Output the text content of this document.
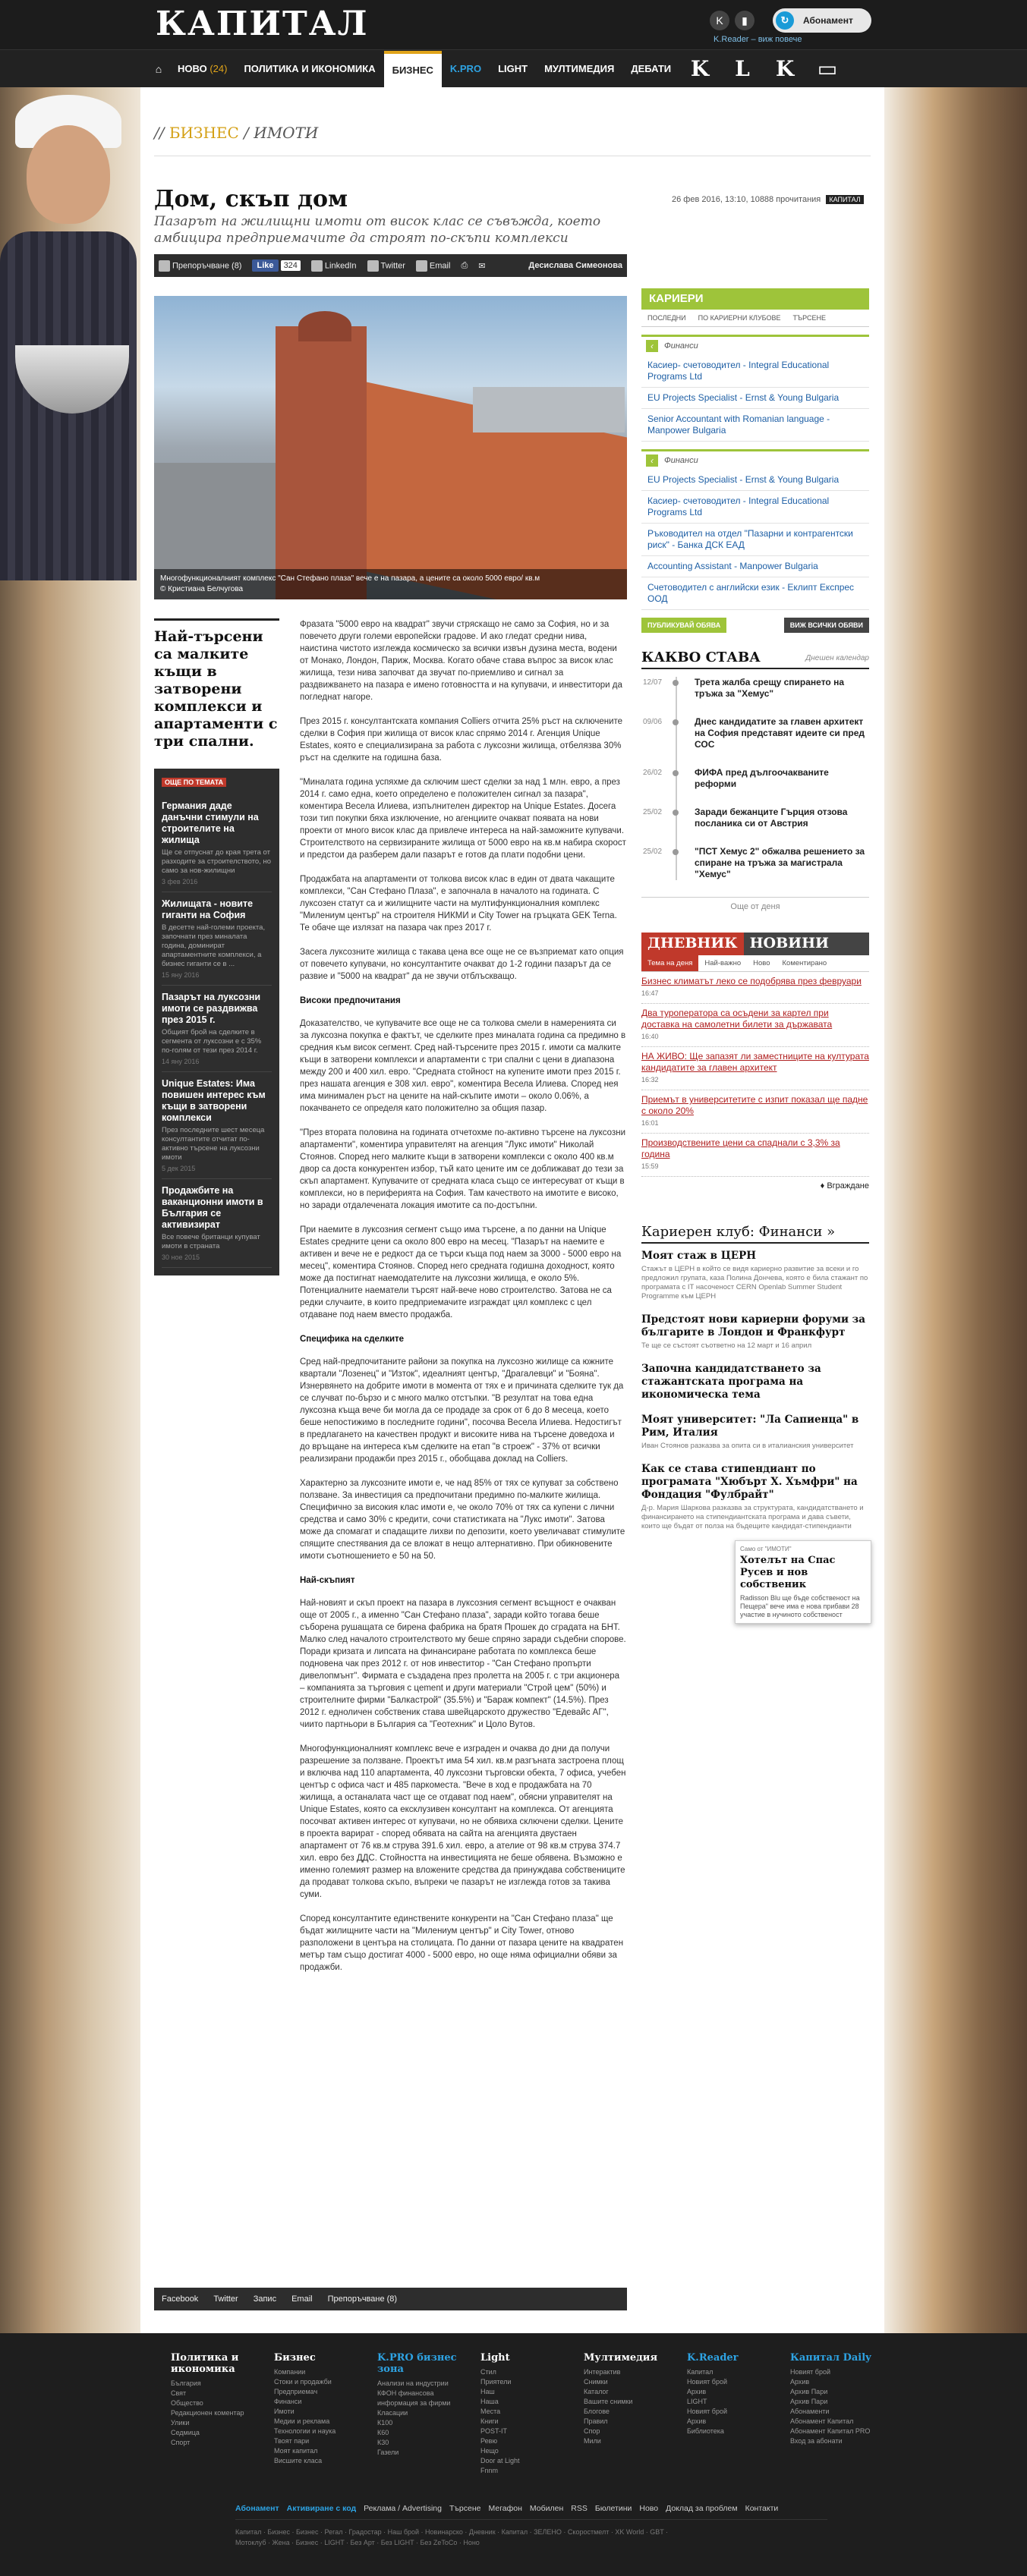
КАПИТАЛ	K	▮	↻	Абонамент
K.Reader – виж повече
⌂	НОВО (24)	ПОЛИТИКА И ИКОНОМИКА	БИЗНЕС	K.PRO	LIGHT	МУЛТИМЕДИЯ	ДЕБАТИ K L K ▭
// БИЗНЕС / ИМОТИ
Дом, скъп дом
Пазарът на жилищни имоти от висок клас се съвъжда, което амбицира предприемачите да строят по-скъпи комплекси
26 фев 2016, 13:10, 10888 прочитания КАПИТАЛ
Препоръчване (8)	Like 324	LinkedIn	Twitter	Email ⎙ ✉	Десислава Симеонова
Многофункционалният комплекс "Сан Стефано плаза" вече е на пазара, а цените са около 5000 евро/ кв.м
© Кристиана Белчугова
Най-търсени са малките къщи в затворени комплекси и апартаменти с три спални.
ОЩЕ ПО ТЕМАТА
Германия даде данъчни стимули на строителите на жилища
Ще се отпуснат до края трета от разходите за строителството, но само за нов-жилищни
3 фев 2016
Жилищата - новите гиганти на София
В десетте най-големи проекта, започнати през миналата година, доминират апартаментните комплекси, а бизнес гиганти се в ...
15 яну 2016
Пазарът на луксозни имоти се раздвижва през 2015 г.
Общият брой на сделките в сегмента от луксозни е с 35% по-голям от тези през 2014 г.
14 яну 2016
Unique Estates: Има повишен интерес към къщи в затворени комплекси
През последните шест месеца консултантите отчитат по-активно търсене на луксозни имоти
5 дек 2015
Продажбите на ваканционни имоти в България се активизират
Все повече британци купуват имоти в страната
30 ное 2015

Фразата "5000 евро на квадрат" звучи стряскащо не само за София, но и за повечето други големи европейски градове. И ако гледат средни нива, наистина чистото изглежда космическо за всички извън дузина места, водени от Монако, Лондон, Париж, Москва. Когато обаче става въпрос за висок клас жилища, тези нива започват да звучат по-приемливо и сигнал за раздвижването на пазара е имено готовността и на купувачи, и инвеститори да погледнат нагоре.

През 2015 г. консултантската компания Colliers отчита 25% ръст на сключените сделки в София при жилища от висок клас спрямо 2014 г. Агенция Unique Estates, която е специализирана за работа с луксозни жилища, отбелязва 30% ръст на сделките на годишна база.

"Миналата година успяхме да сключим шест сделки за над 1 млн. евро, а през 2014 г. само една, което определено е положителен сигнал за пазара", коментира Весела Илиева, изпълнителен директор на Unique Estates. Досега този тип покупки бяха изключение, но агенциите очакват появата на нови проекти от много висок клас да привлече интереса на най-заможните купувачи. Строителството на сервизираните жилища от 5000 евро на кв.м набира скорост и предстои да разберем дали пазарът е готов да плати подобни цени.

Продажбата на апартаменти от толкова висок клас в един от двата чакащите комплекси, "Сан Стефано Плаза", е започнала в началото на годината. С луксозен статут са и жилищните части на мултифункционалния комплекс "Милениум център" на строителя НИКМИ и City Tower на гръцката GEK Terna. Те обаче ще излязат на пазара чак през 2017 г.

Засега луксозните жилища с такава цена все още не се възприемат като опция от повечето купувачи, но консултантите очакват до 1-2 години пазарът да се развие и "5000 на квадрат" да не звучи отблъскващо.

Високи предпочитания

Доказателство, че купувачите все още не са толкова смели в намеренията си за луксозна покупка е фактът, че сделките през миналата година са предимно в средния към висок сегмент. Сред най-търсените през 2015 г. имоти са малките къщи в затворени комплекси и апартаменти с три спални с цени в диапазона между 200 и 400 хил. евро. "Средната стойност на купените имоти през 2015 г. през нашата агенция е 308 хил. евро", коментира Весела Илиева. Според нея има минимален ръст на цените на най-скъпите имоти – около 0.06%, а покачването се определя като положително за общия пазар.

"През втората половина на годината отчетохме по-активно търсене на луксозни апартаменти", коментира управителят на агенция "Лукс имоти" Николай Стоянов. Според него малките къщи в затворени комплекси с около 400 кв.м двор са доста конкурентен избор, тъй като цените им се доближават до тези за скъп апартамент. Купувачите от средната класа също се интересуват от къщи в комплекси, но в периферията на София. Там качеството на имотите е високо, но заради отдалечената локация имотите са по-достъпни.

При наемите в луксозния сегмент също има търсене, а по данни на Unique Estates средните цени са около 800 евро на месец. "Пазарът на наемите е активен и вече не е редкост да се търси къща под наем за 3000 - 5000 евро на месец", коментира Стоянов. Според него средната годишна доходност, която може да постигнат наемодателите на луксозни жилища, е около 5%. Потенциалните наематели търсят най-вече ново строителство. Затова не са редки случаите, в които предприемачите изграждат цял комплекс с цел отдаване под наем вместо продажба.

Специфика на сделките

Сред най-предпочитаните райони за покупка на луксозно жилище са южните квартали "Лозенец" и "Изток", идеалният център, "Драгалевци" и "Бояна". Изнервянето на добрите имоти в момента от тях е и причината сделките тук да се случват по-бързо и с много малко отстъпки. "В резултат на това една луксозна къща вече би могла да се продаде за срок от 6 до 8 месеца, което беше непостижимо в последните години", посочва Весела Илиева. Недостигът в предлагането на качествен продукт и високите нива на търсене доведоха и до връщане на интереса към сделките на етап "в строеж" - 37% от всички реализирани продажби през 2015 г., обобщава доклад на Colliers.

Характерно за луксозните имоти е, че над 85% от тях се купуват за собствено ползване. За инвестиция са предпочитани предимно по-малките жилища. Специфично за високия клас имоти е, че около 70% от тях са купени с лични средства и само 30% с кредити, сочи статистиката на "Лукс имоти". Затова може да спомагат и спадащите лихви по депозити, което увеличават стимулите спящите спестявания да се вложат в нещо алтернативно. При обикновените имоти съотношението е 50 на 50.

Най-скъпият

Най-новият и скъп проект на пазара в луксозния сегмент всъщност е очакван още от 2005 г., а именно "Сан Стефано плаза", заради който тогава беше съборена рушащата се бирена фабрика на братя Прошек до сградата на БНТ. Малко след началото строителството му беше спряно заради съдебни спорове. Поради кризата и липсата на финансиране работата по комплекса беше подновена чак през 2012 г. от нов инвеститор - "Сан Стефано пропърти дивелопмънт". Фирмата е създадена през пролетта на 2005 г. с три акционера – компанията за търговия с цement и други материали "Строй цем" (50%) и строителните фирми "Балкастрой" (35.5%) и "Бараж компект" (14.5%). През 2012 г. едноличен собственик става швейцарското дружество "Едевайс АГ", чиито партньори в България са "Геотехник" и Цоло Вутов.

Многофункционалният комплекс вече е изграден и очаква до дни да получи разрешение за ползване. Проектът има 54 хил. кв.м разгъната застроена площ и включва над 110 апартамента, 40 луксозни търговски обекта, 7 офиса, учебен център с офиса част и 485 паркоместа. "Вече в ход е продажбата на 70 жилища, а останалата част ще се отдават под наем", обясни управителят на Unique Estates, която са ексклузивен консултант на комплекса. От агенцията посочват активен интерес от купувачи, но не обявиха сключени сделки. Цените в проекта варират - според обявата на сайта на агенцията двустаен апартамент от 76 кв.м струва 391.6 хил. евро, а ателие от 98 кв.м струва 374.7 хил. евро без ДДС. Стойността на инвестицията не беше обявена. Възможно е именно големият размер на вложените средства да принуждава собствениците да продават толкова скъпо, въпреки че пазарът не изглежда готов за такива суми.

Според консултантите единствените конкуренти на "Сан Стефано плаза" ще бъдат жилищните части на "Милениум център" и City Tower, отново разположени в центъра на столицата. По данни от пазара цените на квадратен метър там също достигат 4000 - 5000 евро, но още няма официални обяви за продажби.

Facebook Twitter Запис Email Препоръчване (8)
КАРИЕРИ
ПОСЛЕДНИ	ПО КАРИЕРНИ КЛУБОВЕ	ТЪРСЕНЕ
‹ Финанси
Касиер- счетоводител - Integral Educational Programs Ltd
EU Projects Specialist - Ernst & Young Bulgaria
Senior Accountant with Romanian language - Manpower Bulgaria
‹ Финанси
EU Projects Specialist - Ernst & Young Bulgaria
Касиер- счетоводител - Integral Educational Programs Ltd
Ръководител на отдел "Пазарни и контрагентски риск" - Банка ДСК ЕАД
Accounting Assistant - Manpower Bulgaria
Счетоводител с английски език - Еклипт Експрес ООД
ПУБЛИКУВАЙ ОБЯВА	ВИЖ ВСИЧКИ ОБЯВИ
Днешен календар
КАКВО СТАВА
12/07	Трета жалба срещу спирането на тръжа за "Хемус"
09/06	Днес кандидатите за главен архитект на София представят идеите си пред СОС
26/02	ФИФА пред дългоочакваните реформи
25/02	Заради бежанците Гърция отзова посланика си от Австрия
25/02	"ПСТ Хемус 2" обжалва решението за спиране на тръжа за магистрала "Хемус"
Още от деня
ДНЕВНИК НОВИНИ
Тема на деня	Най-важно	Ново	Коментирано
Бизнес климатът леко се подобрява през февруари
16:47
Два туроператора са осъдени за картел при доставка на самолетни билети за държавата
16:40
НА ЖИВО: Ще запазят ли заместниците на културата кандидатите за главен архитект
16:32
Приемът в университетите с изпит показал ще падне с около 20%
16:01
Производствените цени са спаднали с 3,3% за година
15:59
♦ Вграждане
Кариерен клуб: Финанси »
Моят стаж в ЦЕРН
Стажът в ЦЕРН в който се видя кариерно развитие за всеки и го предложил групата, каза Полина Дончева, която е била стажант по програмата с IT насоченост CERN Openlab Summer Student Programme към ЦЕРН
Предстоят нови кариерни форуми за българите в Лондон и Франкфурт
Те ще се състоят съответно на 12 март и 16 април
Започна кандидатстването за стажантската програма на икономическа тема
Моят университет: "Ла Сапиенца" в Рим, Италия
Иван Стоянов разказва за опита си в италианския университет
Как се става стипендиант по програмата "Хюбърт Х. Хъмфри" на Фондация "Фулбрайт"
Д-р. Мария Шаркова разказва за структурата, кандидатстването и финансирането на стипендиантската програма и дава съвети, които ще бъдат от полза на бъдещите кандидат-стипендианти
Само от "ИМОТИ"
Хотелът на Спас Русев и нов собственик
Radisson Blu ще бъде собственост на Пещера" вече има е нова прибави 28 участие в нучиното собственост
Политика и икономика
България
Свят
Общество
Редакционен коментар
Улики
Седмица
Спорт
Бизнес
Компании
Стоки и продажби
Предприемач
Финанси
Имоти
Медии и реклама
Технологии и наука
Твоят пари
Моят капитал
Висшите класа
K.PRO бизнес зона
Анализи на индустрии
КФОН финансова информация за фирми
Класации
К100
К60
К30
Газели
Light
Стил
Приятели
Наш
Наша
Места
Книги
POST-IT
Ревю
Нещо
Door at Light
Fnnm
Мултимедия
Интерактив
Снимки
Каталог
Вашите снимки
Блогове
Правил
Спор
Мили
K.Reader
Капитал
Новият брой
Архив
LIGHT
Новият брой
Архив
Библиотека
Капитал Daily
Новият брой
Архив
Архив Пари
Архив Пари
Абонаменти
Абонамент Капитал
Абонамент Капитал PRO
Вход за абонати
Абонамент Активиране с код Реклама / Advertising Търсене Мегафон Мобилен RSS Бюлетини Ново Доклад за проблем Контакти
Капитал · Бизнес · Бизнес · Регал · Градостар · Наш брой · Новинарско · Дневник · Капитал · ЗЕЛЕНО · Скоростмелт · XK World · GBT · Мотоклуб · Жена · Бизнес · LIGHT · Без Арт · Без LIGHT · Без ZeToCo · Ноно
